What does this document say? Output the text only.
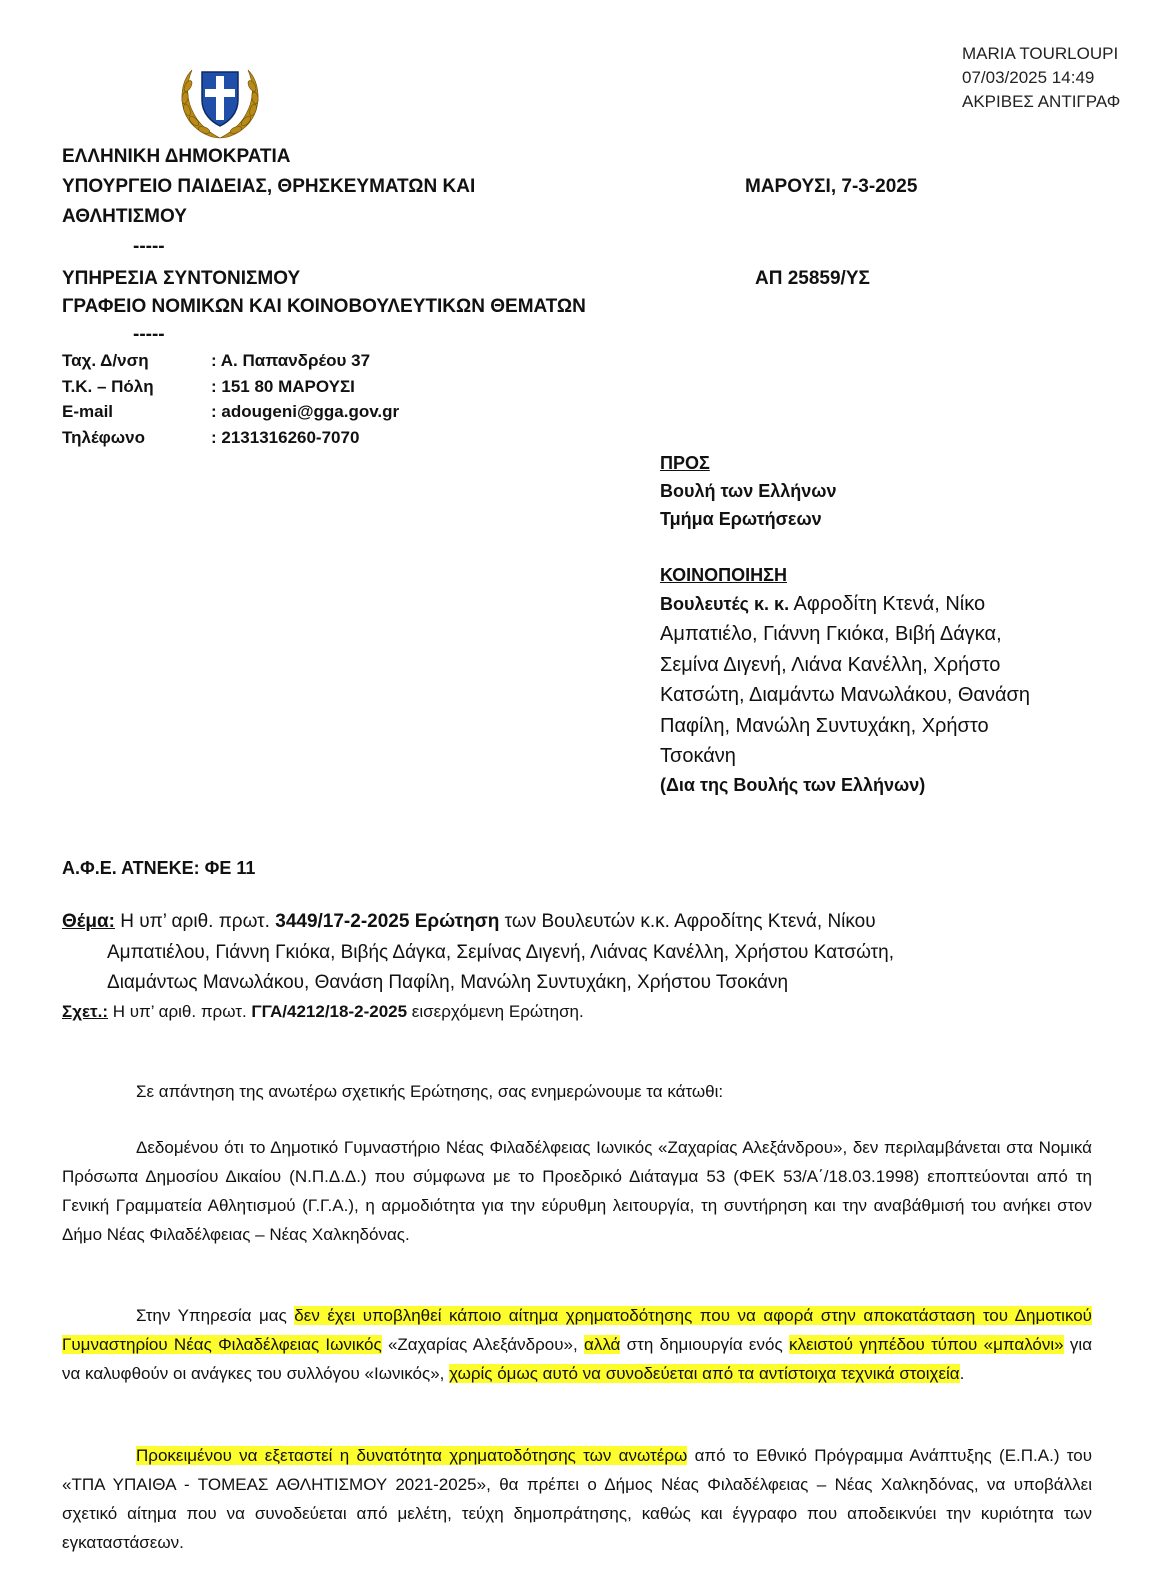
MARIA TOURLOUPI
07/03/2025 14:49
ΑΚΡΙΒΕΣ ΑΝΤΙΓΡΑΦ
ΕΛΛΗΝΙΚΗ ΔΗΜΟΚΡΑΤΙΑ
ΥΠΟΥΡΓΕΙΟ ΠΑΙΔΕΙΑΣ, ΘΡΗΣΚΕΥΜΑΤΩΝ ΚΑΙ
ΑΘΛΗΤΙΣΜΟΥ
-----
ΥΠΗΡΕΣΙΑ ΣΥΝΤΟΝΙΣΜΟΥ
ΓΡΑΦΕΙΟ ΝΟΜΙΚΩΝ ΚΑΙ ΚΟΙΝΟΒΟΥΛΕΥΤΙΚΩΝ ΘΕΜΑΤΩΝ
-----
ΜΑΡΟΥΣΙ, 7-3-2025
ΑΠ 25859/ΥΣ
Ταχ. Δ/νση	: Α. Παπανδρέου 37
Τ.Κ. – Πόλη	: 151 80 ΜΑΡΟΥΣΙ
E-mail	: adougeni@gga.gov.gr
Τηλέφωνο	: 2131316260-7070
ΠΡΟΣ
Βουλή των Ελλήνων
Τμήμα Ερωτήσεων
ΚΟΙΝΟΠΟΙΗΣΗ
Βουλευτές κ. κ. Αφροδίτη Κτενά, Νίκο
Αμπατιέλο, Γιάννη Γκιόκα, Βιβή Δάγκα,
Σεμίνα Διγενή, Λιάνα Κανέλλη, Χρήστο
Κατσώτη, Διαμάντω Μανωλάκου, Θανάση
Παφίλη, Μανώλη Συντυχάκη, Χρήστο
Τσοκάνη
(Δια της Βουλής των Ελλήνων)
Α.Φ.Ε. ΑΤΝΕΚΕ: ΦΕ 11
Θέμα: Η υπ’ αριθ. πρωτ. 3449/17-2-2025 Ερώτηση των Βουλευτών κ.κ. Αφροδίτης Κτενά, Νίκου
Αμπατιέλου, Γιάννη Γκιόκα, Βιβής Δάγκα, Σεμίνας Διγενή, Λιάνας Κανέλλη, Χρήστου Κατσώτη,
Διαμάντως Μανωλάκου, Θανάση Παφίλη, Μανώλη Συντυχάκη, Χρήστου Τσοκάνη
Σχετ.: Η υπ’ αριθ. πρωτ. ΓΓΑ/4212/18-2-2025 εισερχόμενη Ερώτηση.
Σε απάντηση της ανωτέρω σχετικής Ερώτησης, σας ενημερώνουμε τα κάτωθι:
Δεδομένου ότι το Δημοτικό Γυμναστήριο Νέας Φιλαδέλφειας Ιωνικός «Ζαχαρίας Αλεξάνδρου», δεν περιλαμβάνεται στα Νομικά Πρόσωπα Δημοσίου Δικαίου (Ν.Π.Δ.Δ.) που σύμφωνα με το Προεδρικό Διάταγμα 53 (ΦΕΚ 53/Α΄/18.03.1998) εποπτεύονται από τη Γενική Γραμματεία Αθλητισμού (Γ.Γ.Α.), η αρμοδιότητα για την εύρυθμη λειτουργία, τη συντήρηση και την αναβάθμισή του ανήκει στον Δήμο Νέας Φιλαδέλφειας – Νέας Χαλκηδόνας.
Στην Υπηρεσία μας δεν έχει υποβληθεί κάποιο αίτημα χρηματοδότησης που να αφορά στην αποκατάσταση του Δημοτικού Γυμναστηρίου Νέας Φιλαδέλφειας Ιωνικός «Ζαχαρίας Αλεξάνδρου», αλλά στη δημιουργία ενός κλειστού γηπέδου τύπου «μπαλόνι» για να καλυφθούν οι ανάγκες του συλλόγου «Ιωνικός», χωρίς όμως αυτό να συνοδεύεται από τα αντίστοιχα τεχνικά στοιχεία.
Προκειμένου να εξεταστεί η δυνατότητα χρηματοδότησης των ανωτέρω από το Εθνικό Πρόγραμμα Ανάπτυξης (Ε.Π.Α.) του «ΤΠΑ ΥΠΑΙΘΑ - ΤΟΜΕΑΣ ΑΘΛΗΤΙΣΜΟΥ 2021-2025», θα πρέπει ο Δήμος Νέας Φιλαδέλφειας – Νέας Χαλκηδόνας, να υποβάλλει σχετικό αίτημα που να συνοδεύεται από μελέτη, τεύχη δημοπράτησης, καθώς και έγγραφο που αποδεικνύει την κυριότητα των εγκαταστάσεων.
